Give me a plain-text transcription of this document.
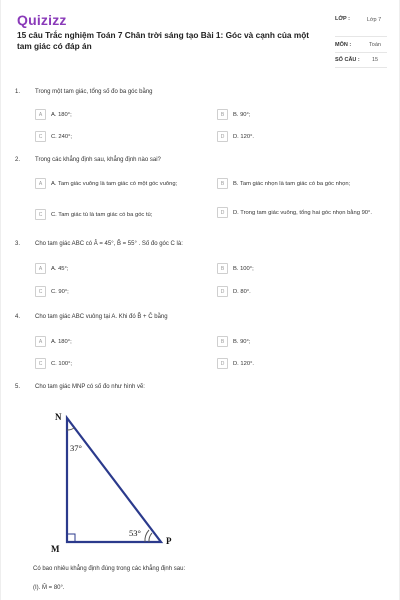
Quizizz
15 câu Trắc nghiệm Toán 7 Chân trời sáng tạo Bài 1: Góc và cạnh của một tam giác có đáp án
LỚP :	Lớp 7
MÔN :	Toán
SỐ CÂU :	15
1. Trong một tam giác, tổng số đo ba góc bằng
A	A. 180°;	B	B. 90°;
C	C. 240°;	D	D. 120°.
2. Trong các khẳng định sau, khẳng định nào sai?
A	A. Tam giác vuông là tam giác có một góc vuông;	B	B. Tam giác nhọn là tam giác có ba góc nhọn;
C	C. Tam giác tù là tam giác có ba góc tù;	D	D. Trong tam giác vuông, tổng hai góc nhọn bằng 90°.
3. Cho tam giác ABC có Â = 45°, B̂ = 55° . Số đo góc C là:
A	A. 45°;	B	B. 100°;
C	C. 90°;	D	D. 80°.
4. Cho tam giác ABC vuông tại A. Khi đó B̂ + Ĉ bằng
A	A. 180°;	B	B. 90°;
C	C. 100°;	D	D. 120°.
5. Cho tam giác MNP có số đo như hình vẽ:
N
M
P
37°
53°
Có bao nhiêu khẳng định đúng trong các khẳng định sau:
(I). M̂ = 80°.
